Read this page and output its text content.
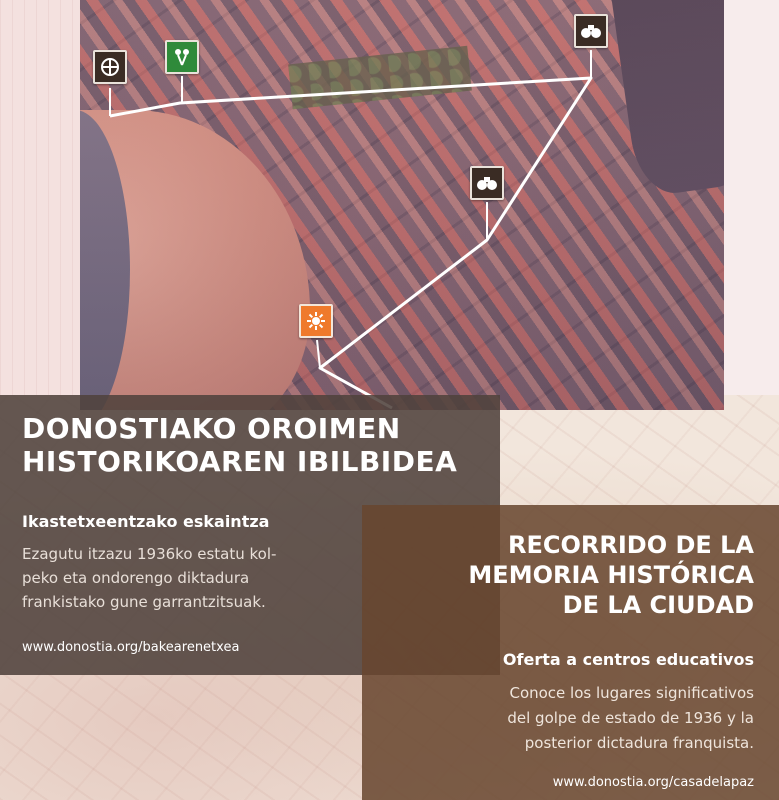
DONOSTIAKO OROIMEN
HISTORIKOAREN IBILBIDEA

Ikastetxeentzako eskaintza

Ezagutu itzazu 1936ko estatu kol-
peko eta ondorengo diktadura
frankistako gune garrantzitsuak.

www.donostia.org/bakearenetxea

RECORRIDO DE LA
MEMORIA HISTÓRICA
DE LA CIUDAD

Oferta a centros educativos

Conoce los lugares significativos
del golpe de estado de 1936 y la
posterior dictadura franquista.

www.donostia.org/casadelapaz
